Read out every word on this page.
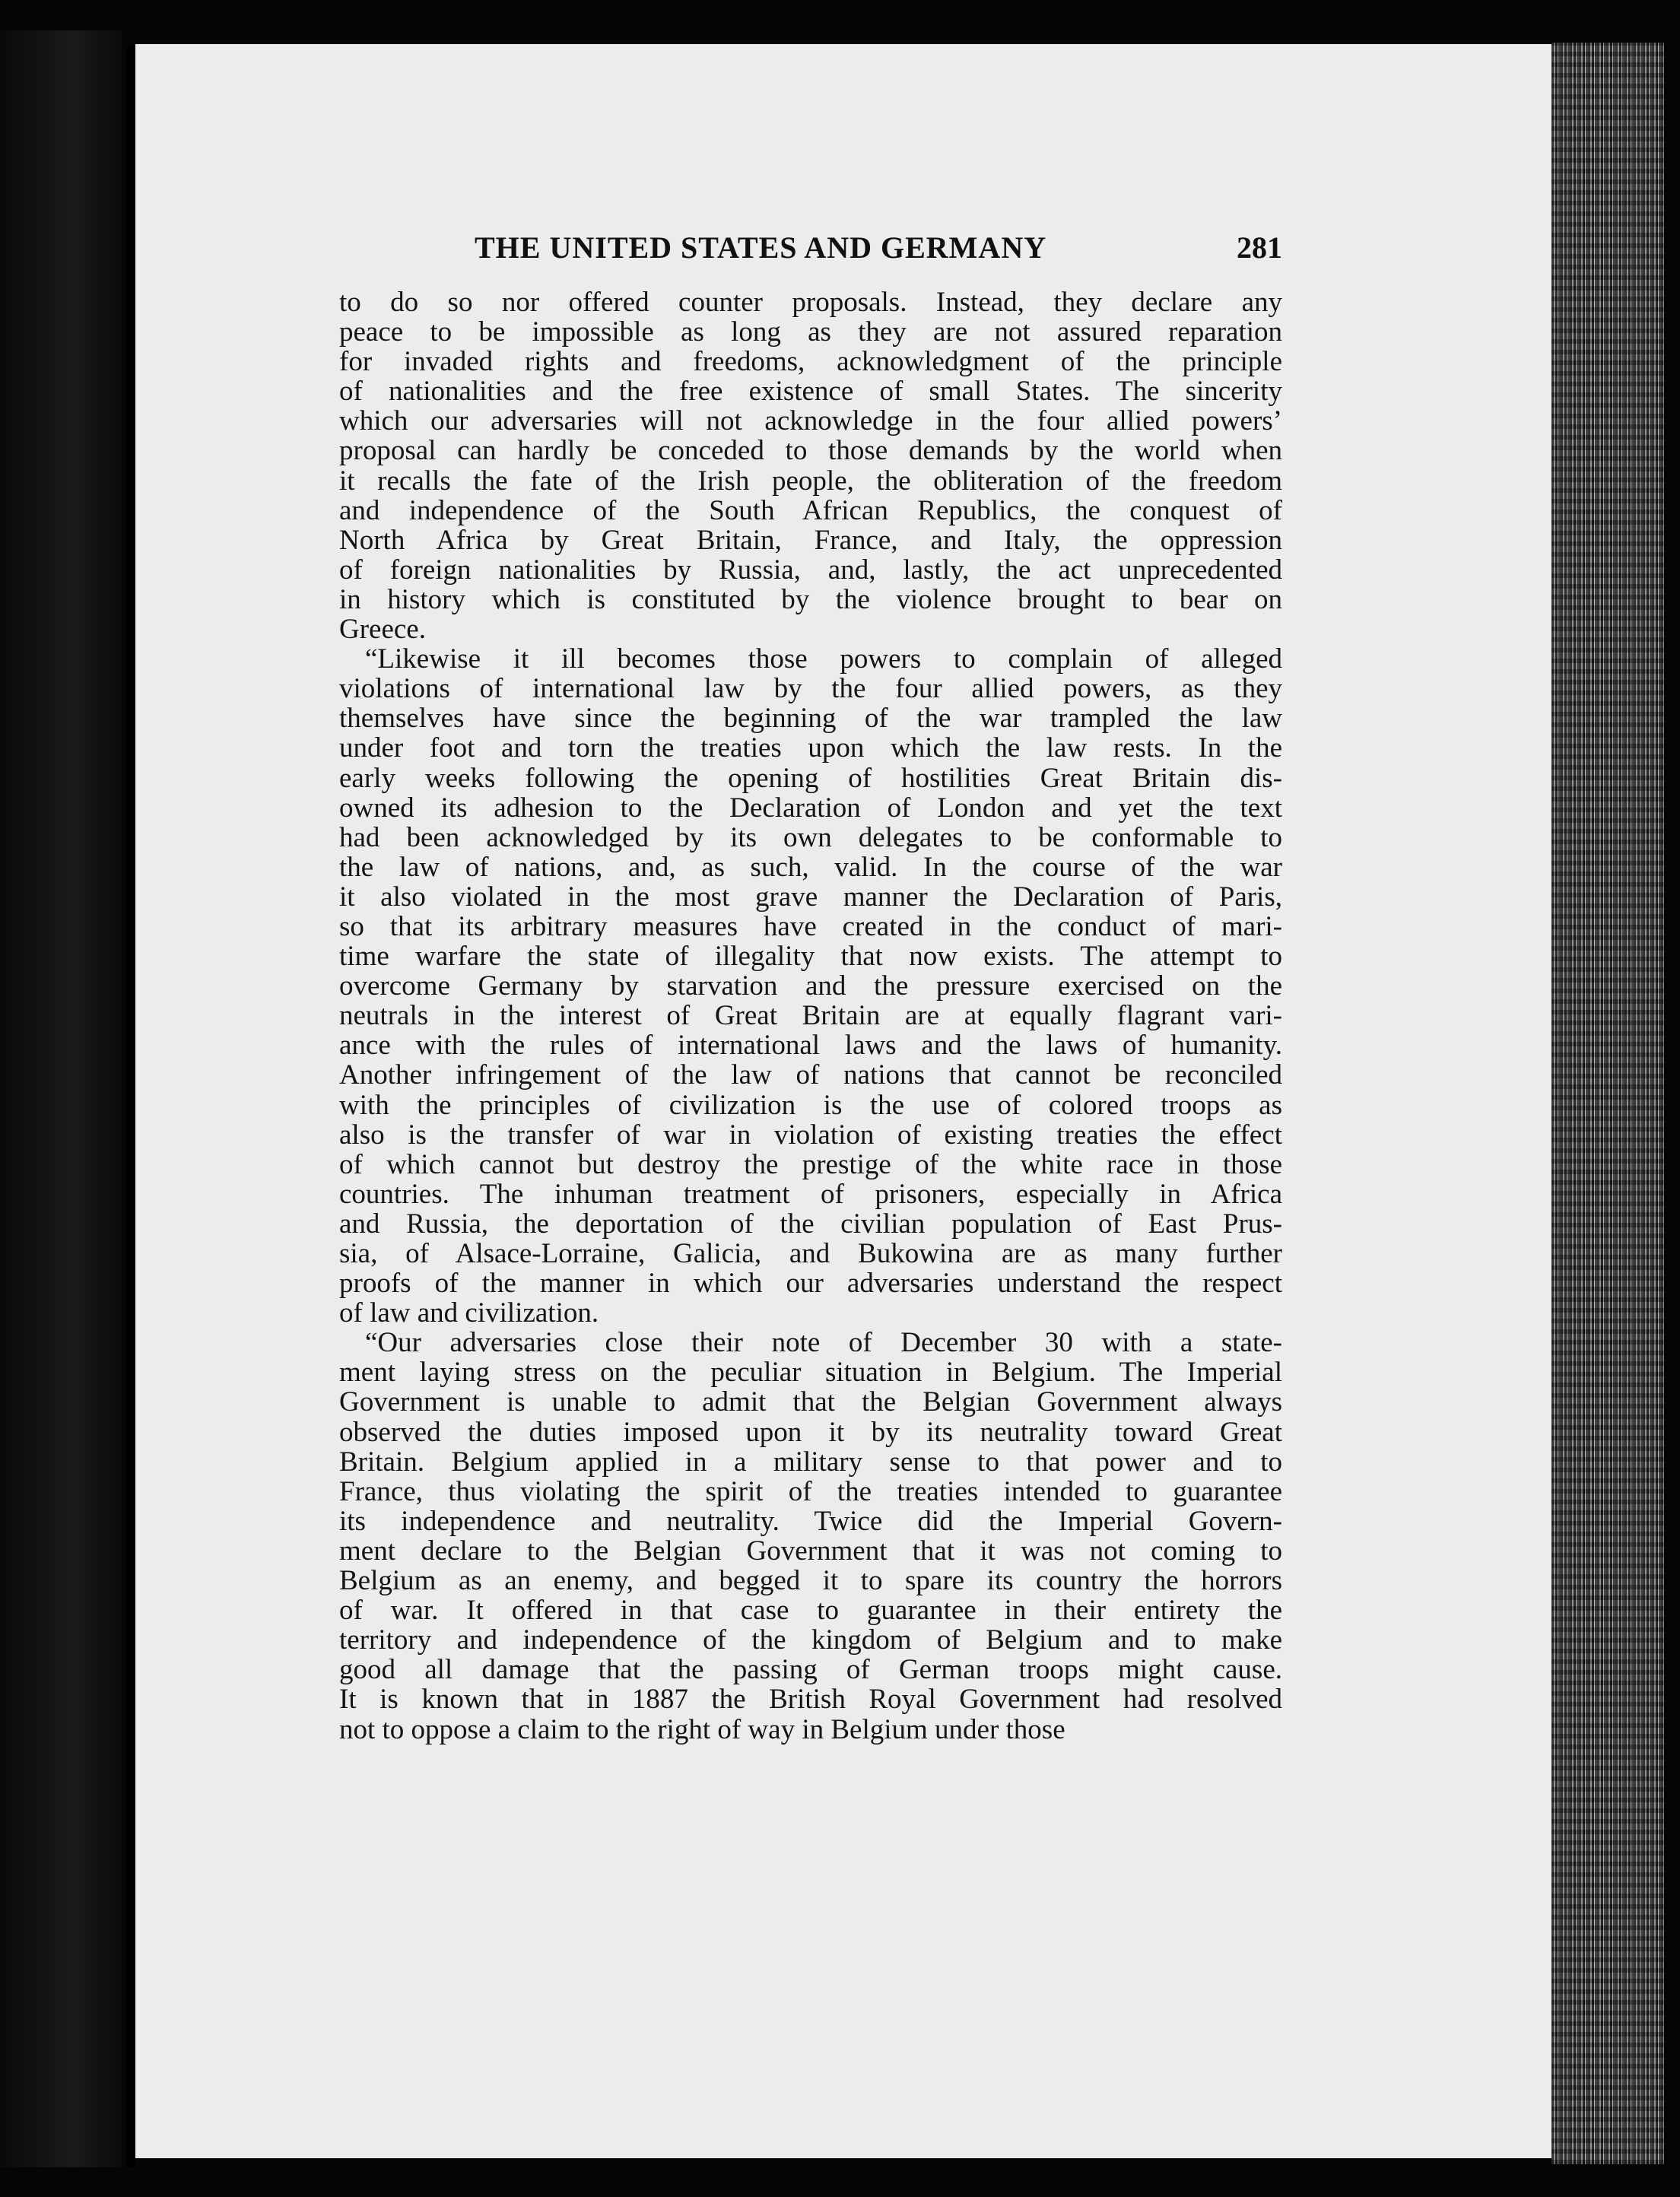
THE UNITED STATES AND GERMANY	281
to do so nor offered counter proposals. Instead, they declare any
peace to be impossible as long as they are not assured reparation
for invaded rights and freedoms, acknowledgment of the principle
of nationalities and the free existence of small States. The sincerity
which our adversaries will not acknowledge in the four allied powers’
proposal can hardly be conceded to those demands by the world when
it recalls the fate of the Irish people, the obliteration of the freedom
and independence of the South African Republics, the conquest of
North Africa by Great Britain, France, and Italy, the oppression
of foreign nationalities by Russia, and, lastly, the act unprecedented
in history which is constituted by the violence brought to bear on
Greece.
“Likewise it ill becomes those powers to complain of alleged
violations of international law by the four allied powers, as they
themselves have since the beginning of the war trampled the law
under foot and torn the treaties upon which the law rests. In the
early weeks following the opening of hostilities Great Britain dis-
owned its adhesion to the Declaration of London and yet the text
had been acknowledged by its own delegates to be conformable to
the law of nations, and, as such, valid. In the course of the war
it also violated in the most grave manner the Declaration of Paris,
so that its arbitrary measures have created in the conduct of mari-
time warfare the state of illegality that now exists. The attempt to
overcome Germany by starvation and the pressure exercised on the
neutrals in the interest of Great Britain are at equally flagrant vari-
ance with the rules of international laws and the laws of humanity.
Another infringement of the law of nations that cannot be reconciled
with the principles of civilization is the use of colored troops as
also is the transfer of war in violation of existing treaties the effect
of which cannot but destroy the prestige of the white race in those
countries. The inhuman treatment of prisoners, especially in Africa
and Russia, the deportation of the civilian population of East Prus-
sia, of Alsace-Lorraine, Galicia, and Bukowina are as many further
proofs of the manner in which our adversaries understand the respect
of law and civilization.
“Our adversaries close their note of December 30 with a state-
ment laying stress on the peculiar situation in Belgium. The Imperial
Government is unable to admit that the Belgian Government always
observed the duties imposed upon it by its neutrality toward Great
Britain. Belgium applied in a military sense to that power and to
France, thus violating the spirit of the treaties intended to guarantee
its independence and neutrality. Twice did the Imperial Govern-
ment declare to the Belgian Government that it was not coming to
Belgium as an enemy, and begged it to spare its country the horrors
of war. It offered in that case to guarantee in their entirety the
territory and independence of the kingdom of Belgium and to make
good all damage that the passing of German troops might cause.
It is known that in 1887 the British Royal Government had resolved
not to oppose a claim to the right of way in Belgium under those
